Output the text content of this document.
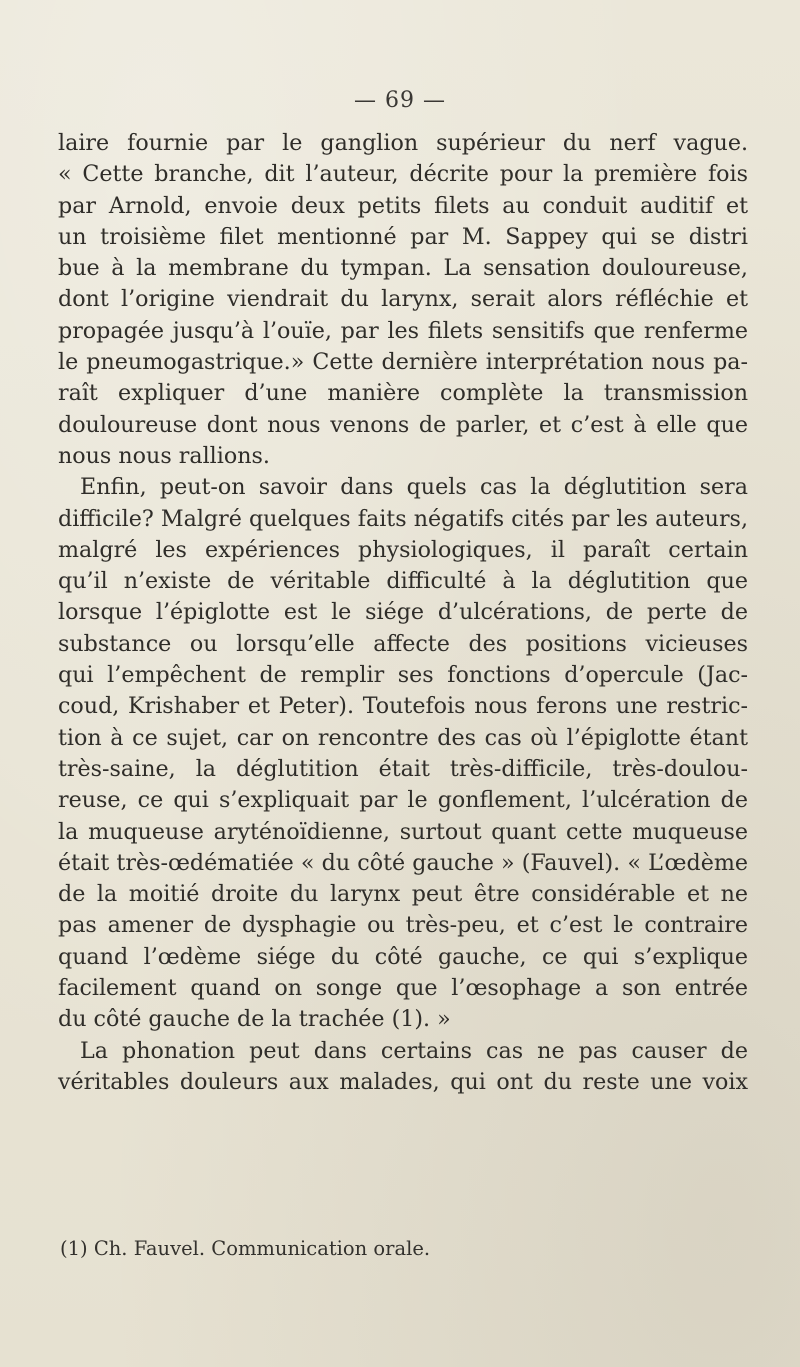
— 69 —
laire fournie par le ganglion supérieur du nerf vague.
« Cette branche, dit l’auteur, décrite pour la première fois
par Arnold, envoie deux petits filets au conduit auditif et
un troisième filet mentionné par M. Sappey qui se distri
bue à la membrane du tympan. La sensation douloureuse,
dont l’origine viendrait du larynx, serait alors réfléchie et
propagée jusqu’à l’ouïe, par les filets sensitifs que renferme
le pneumogastrique.» Cette dernière interprétation nous pa-
raît expliquer d’une manière complète la transmission
douloureuse dont nous venons de parler, et c’est à elle que
nous nous rallions.
Enfin, peut-on savoir dans quels cas la déglutition sera
difficile? Malgré quelques faits négatifs cités par les auteurs,
malgré les expériences physiologiques, il paraît certain
qu’il n’existe de véritable difficulté à la déglutition que
lorsque l’épiglotte est le siége d’ulcérations, de perte de
substance ou lorsqu’elle affecte des positions vicieuses
qui l’empêchent de remplir ses fonctions d’opercule (Jac-
coud, Krishaber et Peter). Toutefois nous ferons une restric-
tion à ce sujet, car on rencontre des cas où l’épiglotte étant
très-saine, la déglutition était très-difficile, très-doulou-
reuse, ce qui s’expliquait par le gonflement, l’ulcération de
la muqueuse aryténoïdienne, surtout quant cette muqueuse
était très-œdématiée « du côté gauche » (Fauvel). « L’œdème
de la moitié droite du larynx peut être considérable et ne
pas amener de dysphagie ou très-peu, et c’est le contraire
quand l’œdème siége du côté gauche, ce qui s’explique
facilement quand on songe que l’œsophage a son entrée
du côté gauche de la trachée (1). »
La phonation peut dans certains cas ne pas causer de
véritables douleurs aux malades, qui ont du reste une voix
(1) Ch. Fauvel. Communication orale.
